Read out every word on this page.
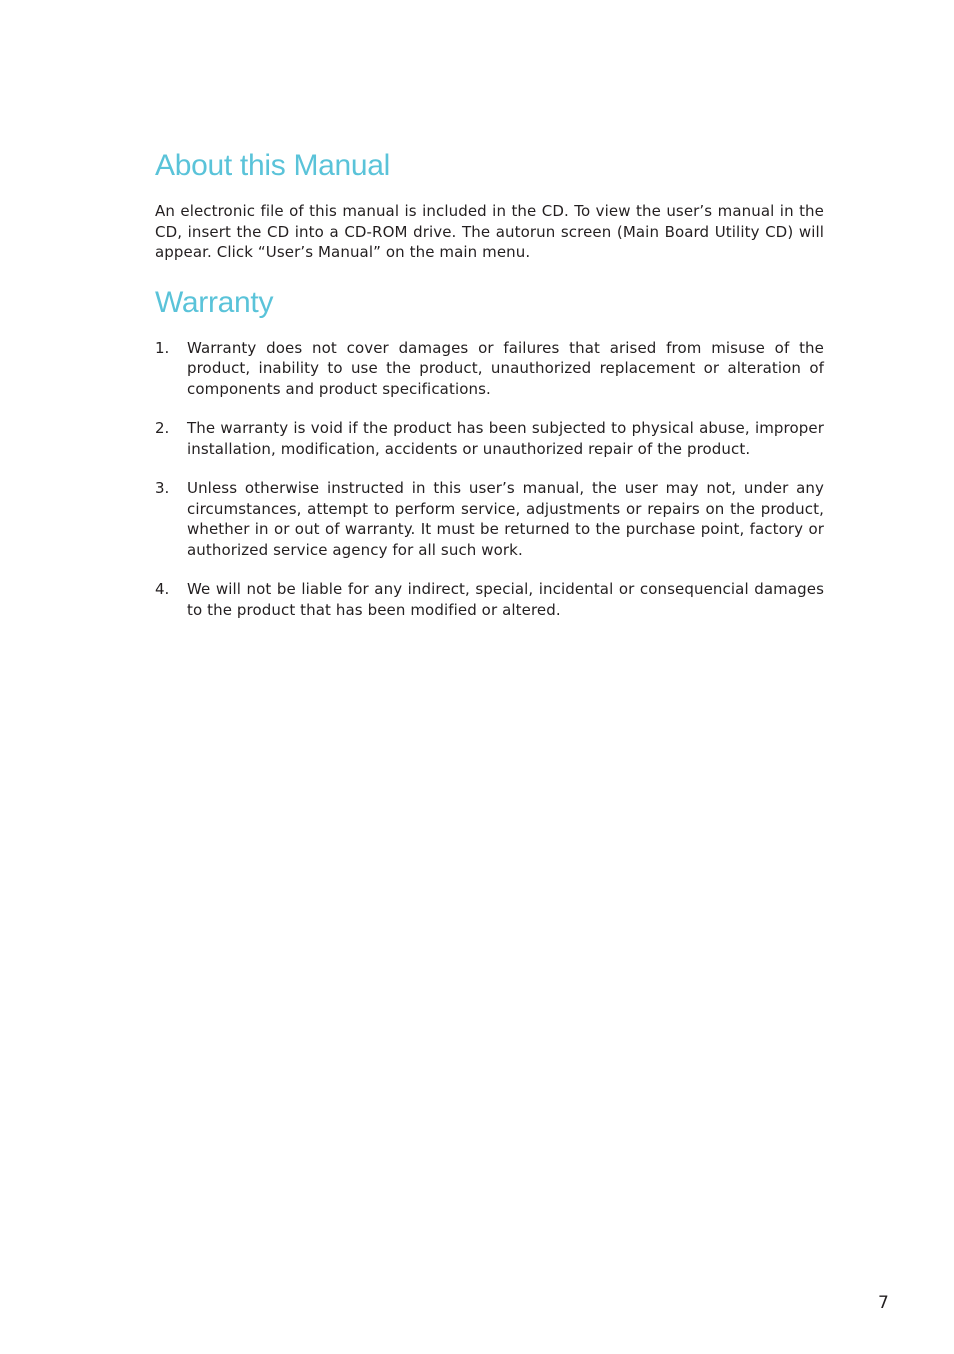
About this Manual

An electronic file of this manual is included in the CD. To view the user’s manual in the CD, insert the CD into a CD-ROM drive. The autorun screen (Main Board Utility CD) will appear. Click “User’s Manual” on the main menu.

Warranty
1. Warranty does not cover damages or failures that arised from misuse of the product, inability to use the product, unauthorized replacement or alteration of components and product specifications.
2. The warranty is void if the product has been subjected to physical abuse, improper installation, modification, accidents or unauthorized repair of the product.
3. Unless otherwise instructed in this user’s manual, the user may not, under any circumstances, attempt to perform service, adjustments or repairs on the product, whether in or out of warranty. It must be returned to the purchase point, factory or authorized service agency for all such work.
4. We will not be liable for any indirect, special, incidental or consequencial damages to the product that has been modified or altered.
7
